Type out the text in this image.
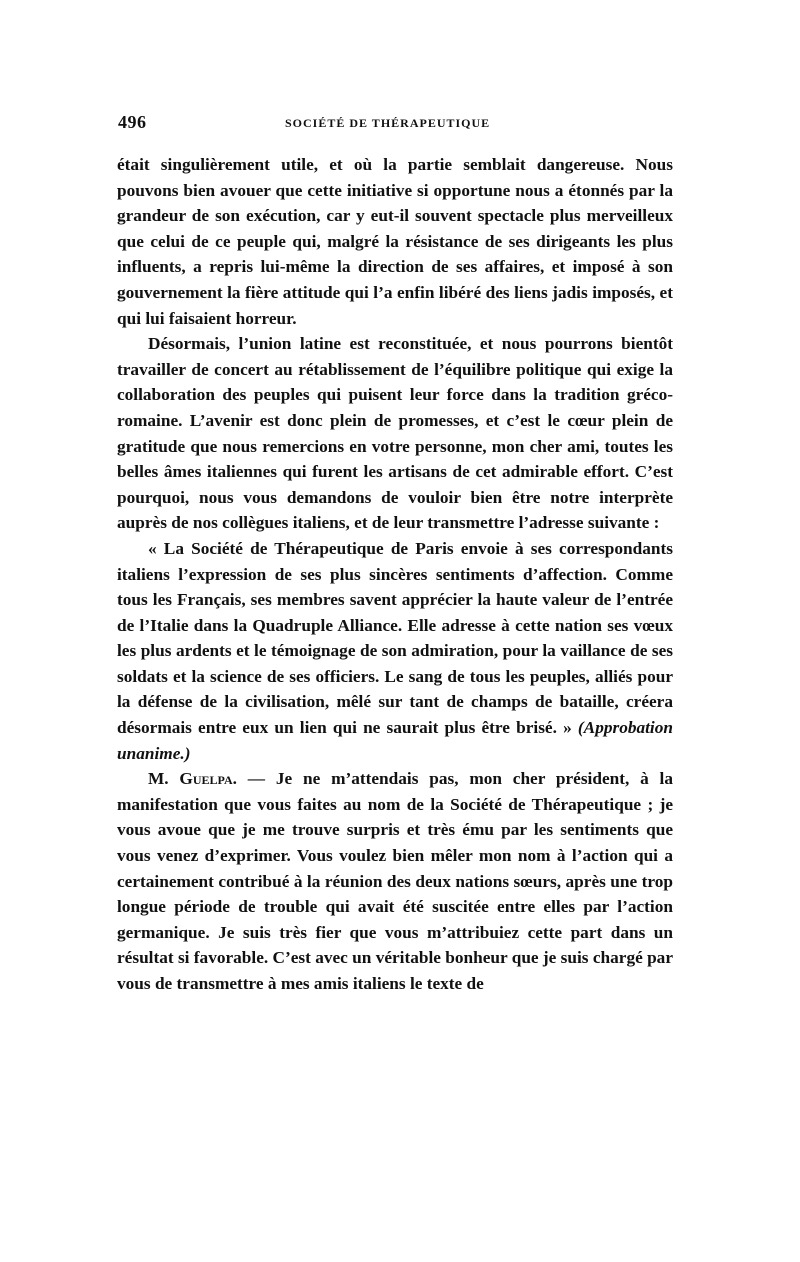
496	SOCIÉTÉ DE THÉRAPEUTIQUE

était singulièrement utile, et où la partie semblait dangereuse. Nous pouvons bien avouer que cette initiative si opportune nous a étonnés par la grandeur de son exécution, car y eut-il souvent spectacle plus merveilleux que celui de ce peuple qui, malgré la résistance de ses dirigeants les plus influents, a repris lui-même la direction de ses affaires, et imposé à son gouvernement la fière attitude qui l’a enfin libéré des liens jadis imposés, et qui lui faisaient horreur.

Désormais, l’union latine est reconstituée, et nous pourrons bientôt travailler de concert au rétablissement de l’équilibre politique qui exige la collaboration des peuples qui puisent leur force dans la tradition gréco-romaine. L’avenir est donc plein de promesses, et c’est le cœur plein de gratitude que nous remercions en votre personne, mon cher ami, toutes les belles âmes italiennes qui furent les artisans de cet admirable effort. C’est pourquoi, nous vous demandons de vouloir bien être notre interprète auprès de nos collègues italiens, et de leur transmettre l’adresse suivante :

« La Société de Thérapeutique de Paris envoie à ses correspondants italiens l’expression de ses plus sincères sentiments d’affection. Comme tous les Français, ses membres savent apprécier la haute valeur de l’entrée de l’Italie dans la Quadruple Alliance. Elle adresse à cette nation ses vœux les plus ardents et le témoignage de son admiration, pour la vaillance de ses soldats et la science de ses officiers. Le sang de tous les peuples, alliés pour la défense de la civilisation, mêlé sur tant de champs de bataille, créera désormais entre eux un lien qui ne saurait plus être brisé. » (Approbation unanime.)

M. Guelpa. — Je ne m’attendais pas, mon cher président, à la manifestation que vous faites au nom de la Société de Thérapeutique ; je vous avoue que je me trouve surpris et très ému par les sentiments que vous venez d’exprimer. Vous voulez bien mêler mon nom à l’action qui a certainement contribué à la réunion des deux nations sœurs, après une trop longue période de trouble qui avait été suscitée entre elles par l’action germanique. Je suis très fier que vous m’attribuiez cette part dans un résultat si favorable. C’est avec un véritable bonheur que je suis chargé par vous de transmettre à mes amis italiens le texte de
